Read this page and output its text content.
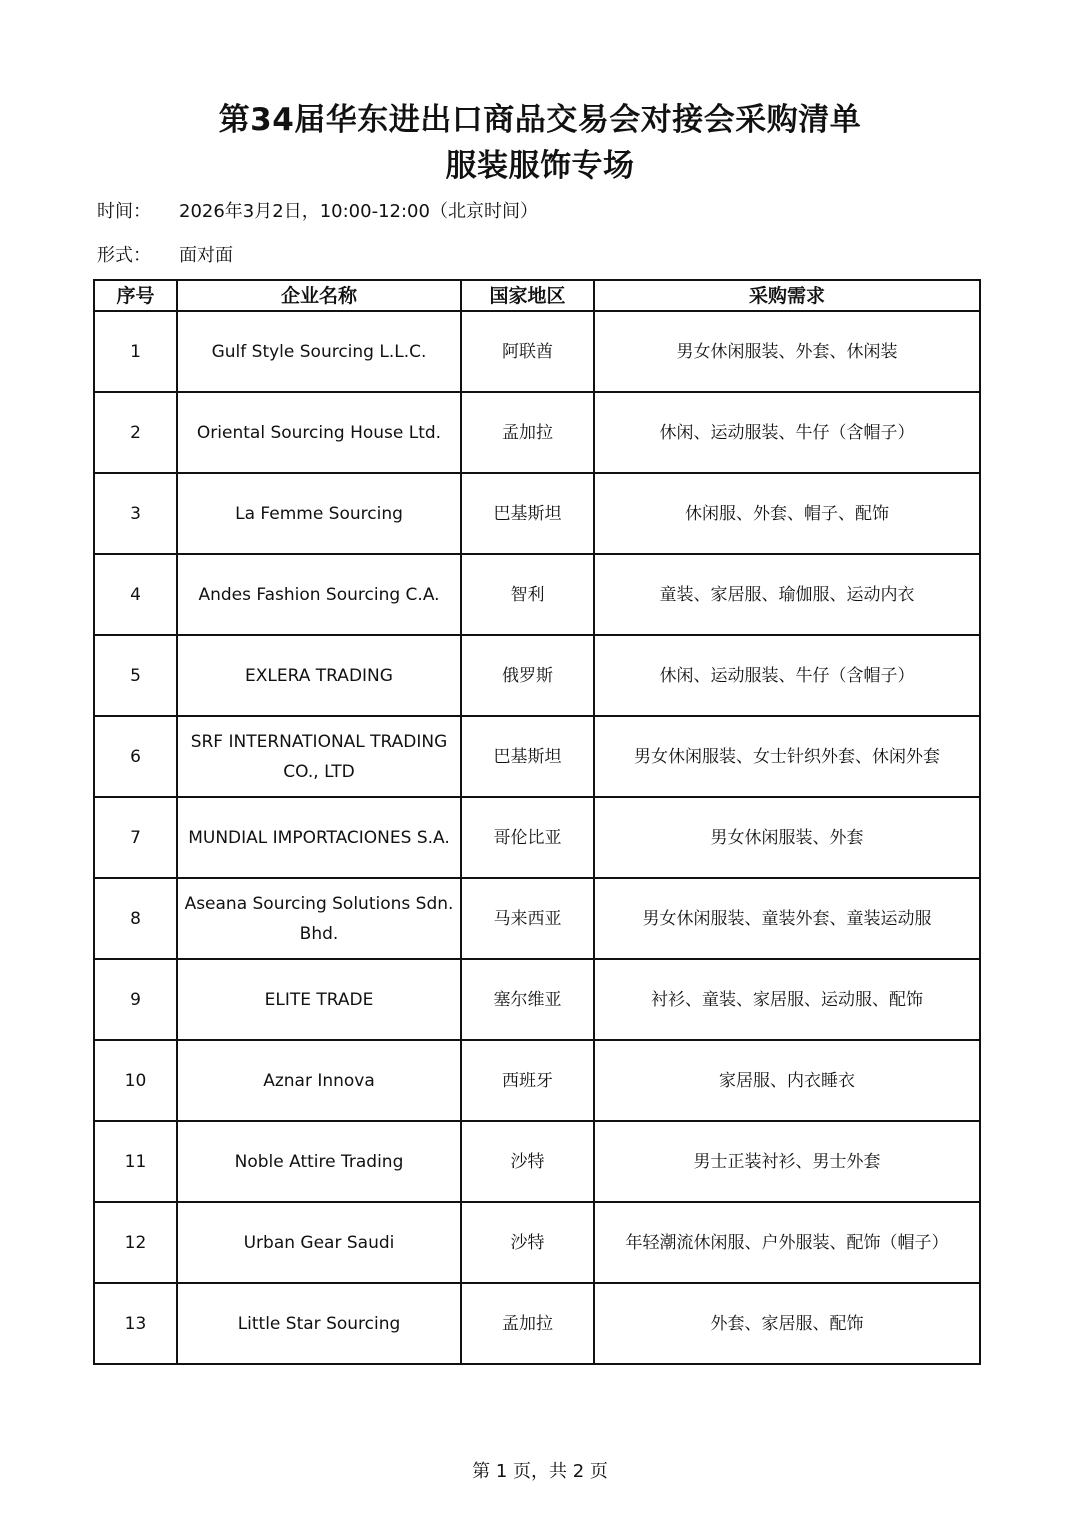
第34届华东进出口商品交易会对接会采购清单
服装服饰专场
时间： 2026年3月2日，10:00-12:00（北京时间）
形式： 面对面
序号	企业名称	国家地区	采购需求
1	Gulf Style Sourcing L.L.C.	阿联酋	男女休闲服装、外套、休闲装
2	Oriental Sourcing House Ltd.	孟加拉	休闲、运动服装、牛仔（含帽子）
3	La Femme Sourcing	巴基斯坦	休闲服、外套、帽子、配饰
4	Andes Fashion Sourcing C.A.	智利	童装、家居服、瑜伽服、运动内衣
5	EXLERA TRADING	俄罗斯	休闲、运动服装、牛仔（含帽子）
6	SRF INTERNATIONAL TRADING CO., LTD	巴基斯坦	男女休闲服装、女士针织外套、休闲外套
7	MUNDIAL IMPORTACIONES S.A.	哥伦比亚	男女休闲服装、外套
8	Aseana Sourcing Solutions Sdn. Bhd.	马来西亚	男女休闲服装、童装外套、童装运动服
9	ELITE TRADE	塞尔维亚	衬衫、童装、家居服、运动服、配饰
10	Aznar Innova	西班牙	家居服、内衣睡衣
11	Noble Attire Trading	沙特	男士正装衬衫、男士外套
12	Urban Gear Saudi	沙特	年轻潮流休闲服、户外服装、配饰（帽子）
13	Little Star Sourcing	孟加拉	外套、家居服、配饰
第 1 页，共 2 页
